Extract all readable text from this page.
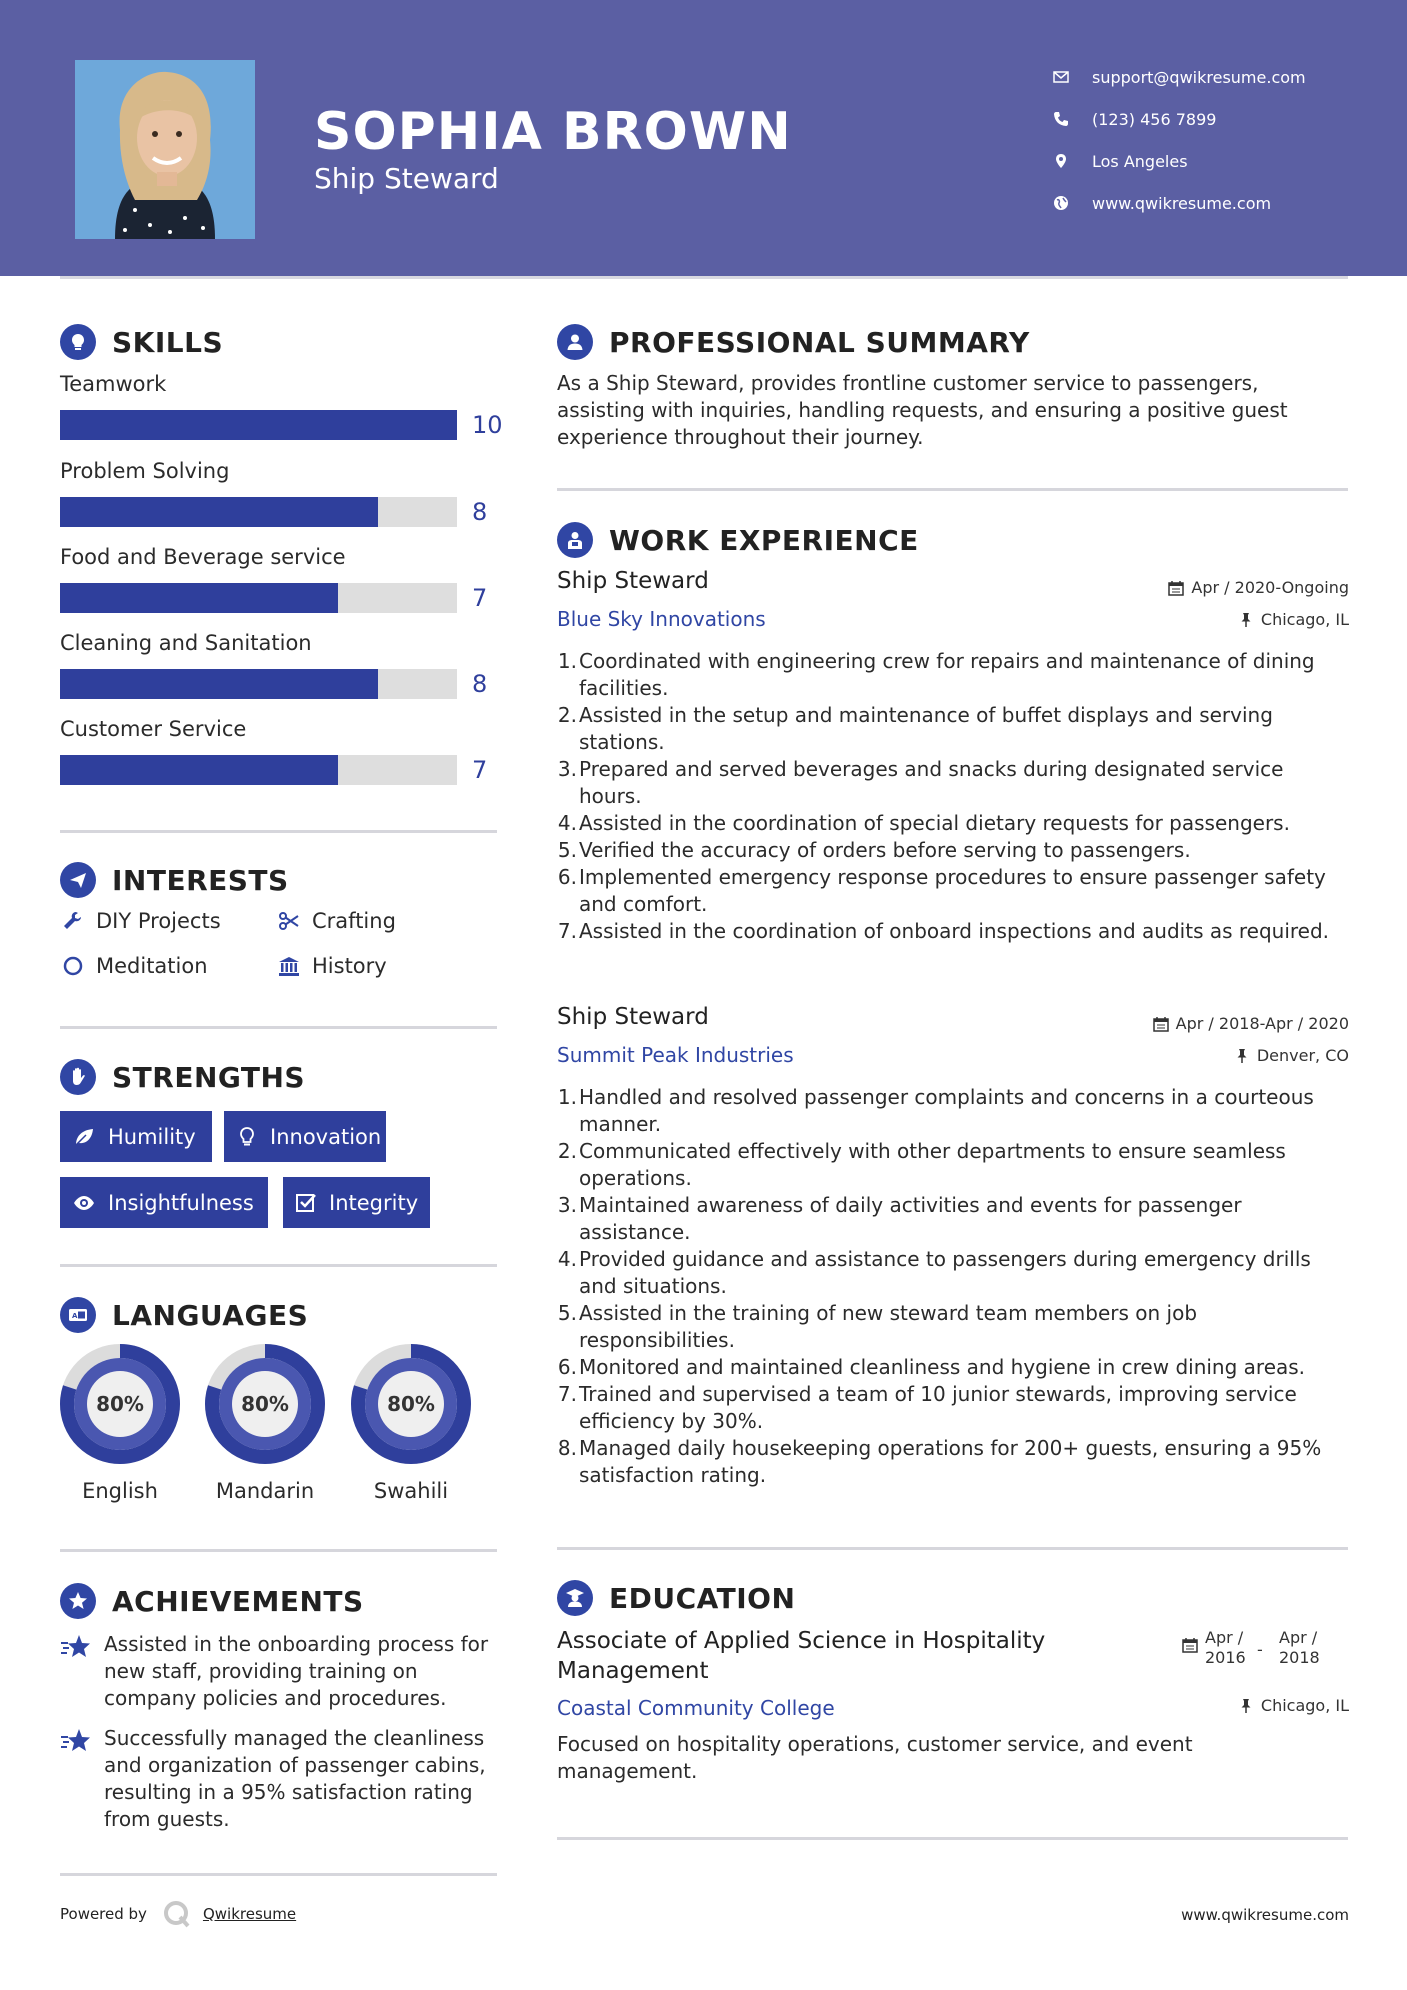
SOPHIA BROWN
Ship Steward
support@qwikresume.com
(123) 456 7899
Los Angeles
www.qwikresume.com
SKILLS
Teamwork
10
Problem Solving
8
Food and Beverage service
7
Cleaning and Sanitation
8
Customer Service
7
INTERESTS
DIY Projects	Crafting
Meditation	History
STRENGTHS
Humility	Innovation
Insightfulness	Integrity
A LANGUAGES
80%
English
80%
Mandarin
80%
Swahili
ACHIEVEMENTS
Assisted in the onboarding process for new staff, providing training on company policies and procedures.
Successfully managed the cleanliness and organization of passenger cabins, resulting in a 95% satisfaction rating from guests.
PROFESSIONAL SUMMARY
As a Ship Steward, provides frontline customer service to passengers, assisting with inquiries, handling requests, and ensuring a positive guest experience throughout their journey.
WORK EXPERIENCE
Ship Steward	Apr / 2020-Ongoing
Blue Sky Innovations	Chicago, IL
1. Coordinated with engineering crew for repairs and maintenance of dining facilities.
2. Assisted in the setup and maintenance of buffet displays and serving stations.
3. Prepared and served beverages and snacks during designated service hours.
4. Assisted in the coordination of special dietary requests for passengers.
5. Verified the accuracy of orders before serving to passengers.
6. Implemented emergency response procedures to ensure passenger safety and comfort.
7. Assisted in the coordination of onboard inspections and audits as required.
Ship Steward	Apr / 2018-Apr / 2020
Summit Peak Industries	Denver, CO
1. Handled and resolved passenger complaints and concerns in a courteous manner.
2. Communicated effectively with other departments to ensure seamless operations.
3. Maintained awareness of daily activities and events for passenger assistance.
4. Provided guidance and assistance to passengers during emergency drills and situations.
5. Assisted in the training of new steward team members on job responsibilities.
6. Monitored and maintained cleanliness and hygiene in crew dining areas.
7. Trained and supervised a team of 10 junior stewards, improving service efficiency by 30%.
8. Managed daily housekeeping operations for 200+ guests, ensuring a 95% satisfaction rating.
EDUCATION
Associate of Applied Science in Hospitality Management
Apr /
2016 -
Apr /
2018
Coastal Community College	Chicago, IL
Focused on hospitality operations, customer service, and event management.
Powered by	Qwikresume	www.qwikresume.com
